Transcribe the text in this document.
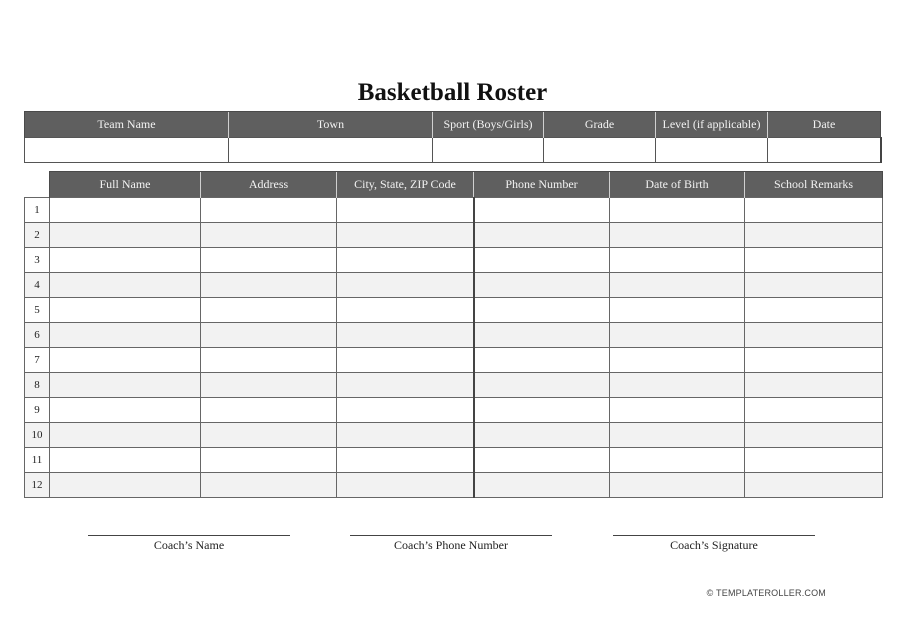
Basketball Roster
Team Name	Town	Sport (Boys/Girls)	Grade	Level (if applicable)	Date

	Full Name	Address	City, State, ZIP Code	Phone Number	Date of Birth	School Remarks
1						
2						
3						
4						
5						
6						
7						
8						
9						
10						
11						
12						
Coach’s Name	Coach’s Phone Number	Coach’s Signature
© TEMPLATEROLLER.COM
